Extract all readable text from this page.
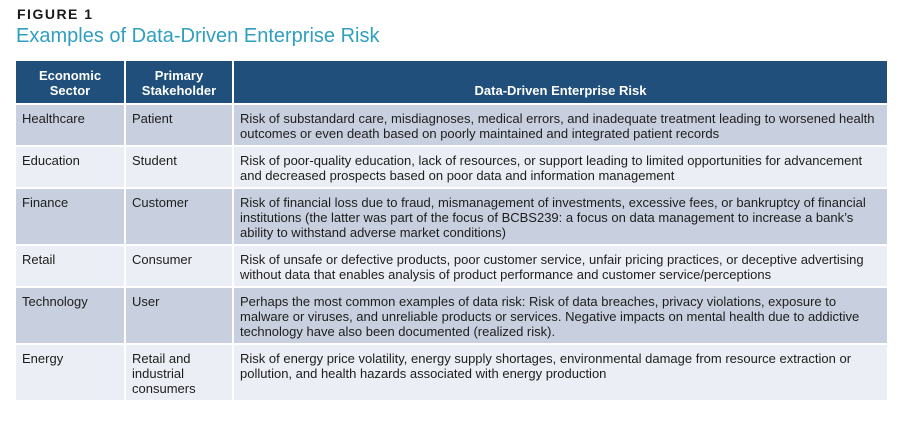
FIGURE 1
Examples of Data-Driven Enterprise Risk
Economic Sector	Primary Stakeholder	Data-Driven Enterprise Risk
Healthcare	Patient	Risk of substandard care, misdiagnoses, medical errors, and inadequate treatment leading to worsened health outcomes or even death based on poorly maintained and integrated patient records
Education	Student	Risk of poor-quality education, lack of resources, or support leading to limited opportunities for advancement and decreased prospects based on poor data and information management
Finance	Customer	Risk of financial loss due to fraud, mismanagement of investments, excessive fees, or bankruptcy of financial institutions (the latter was part of the focus of BCBS239: a focus on data management to increase a bank’s ability to withstand adverse market conditions)
Retail	Consumer	Risk of unsafe or defective products, poor customer service, unfair pricing practices, or deceptive advertising without data that enables analysis of product performance and customer service/perceptions
Technology	User	Perhaps the most common examples of data risk: Risk of data breaches, privacy violations, exposure to malware or viruses, and unreliable products or services. Negative impacts on mental health due to addictive technology have also been documented (realized risk).
Energy	Retail and industrial consumers	Risk of energy price volatility, energy supply shortages, environmental damage from resource extraction or pollution, and health hazards associated with energy production
